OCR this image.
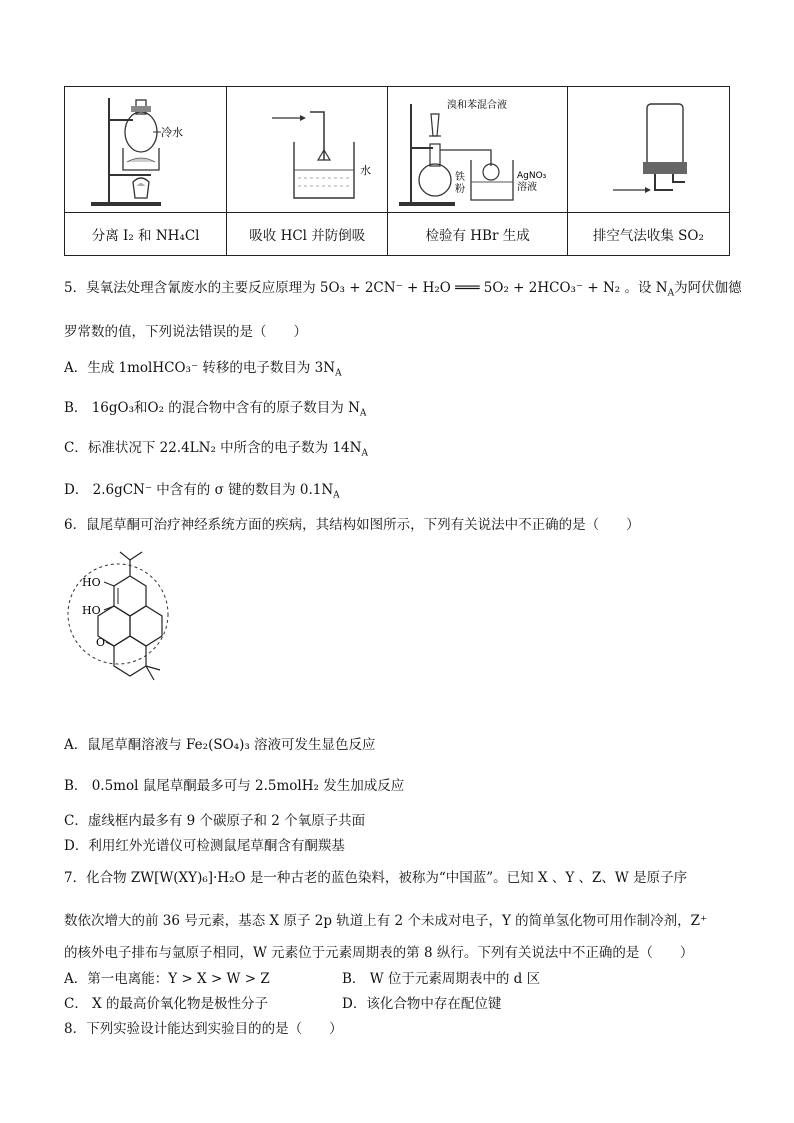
冷水	水	溴和苯混合液
铁
粉
AgNO₃
溶液

分离 I₂ 和 NH₄Cl	吸收 HCl 并防倒吸	检验有 HBr 生成	排空气法收集 SO₂
5．臭氧法处理含氰废水的主要反应原理为 5O₃ + 2CN⁻ + H₂O ═══ 5O₂ + 2HCO₃⁻ + N₂ 。设 $N_A$为阿伏伽德
罗常数的值，下列说法错误的是（　　）
A．生成 1molHCO₃⁻ 转移的电子数目为 $3N_A$
B． 16gO₃和O₂ 的混合物中含有的原子数目为 $N_A$
C．标准状况下 22.4LN₂ 中所含的电子数为 $14N_A$
D． 2.6gCN⁻ 中含有的 σ 键的数目为 $0.1N_A$
6．鼠尾草酮可治疗神经系统方面的疾病，其结构如图所示，下列有关说法中不正确的是（　　）
HO
HO
O
A．鼠尾草酮溶液与 Fe₂(SO₄)₃ 溶液可发生显色反应
B． 0.5mol 鼠尾草酮最多可与 2.5molH₂ 发生加成反应
C．虚线框内最多有 9 个碳原子和 2 个氧原子共面
D．利用红外光谱仪可检测鼠尾草酮含有酮羰基
7．化合物 ZW[W(XY)₆]·H₂O 是一种古老的蓝色染料，被称为“中国蓝”。已知 X 、Y 、Z、W 是原子序
数依次增大的前 36 号元素，基态 X 原子 2p 轨道上有 2 个未成对电子，Y 的简单氢化物可用作制冷剂，Z⁺
的核外电子排布与氩原子相同，W 元素位于元素周期表的第 8 纵行。下列有关说法中不正确的是（　　）
A．第一电离能：Y > X > W > Z	B． W 位于元素周期表中的 d 区
C． X 的最高价氧化物是极性分子	D．该化合物中存在配位键
8．下列实验设计能达到实验目的的是（　　）
